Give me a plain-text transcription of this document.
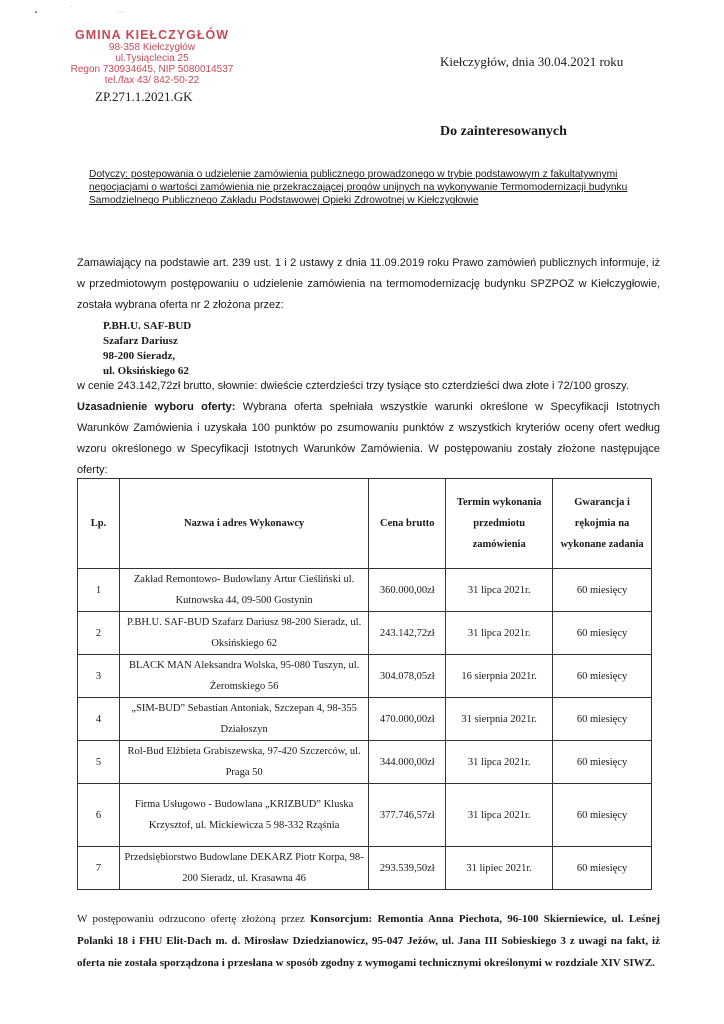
▪
·
· ·
GMINA KIEŁCZYGŁÓW
98-358 Kiełczygłów
ul.Tysiąclecia 25
Regon 730934645, NIP 5080014537
tel./fax 43/ 842-50-22
ZP.271.1.2021.GK
Kiełczygłów, dnia 30.04.2021 roku
Do zainteresowanych
Dotyczy: postępowania o udzielenie zamówienia publicznego prowadzonego w trybie podstawowym z fakultatywnymi negocjacjami o wartości zamówienia nie przekraczającej progów unijnych na wykonywanie Termomodernizacji budynku Samodzielnego Publicznego Zakładu Podstawowej Opieki Zdrowotnej w Kiełczygłowie
Zamawiający na podstawie art. 239 ust. 1 i 2 ustawy z dnia 11.09.2019 roku Prawo zamówień publicznych informuje, iż w przedmiotowym postępowaniu o udzielenie zamówienia na termomodernizację budynku SPZPOZ w Kiełczygłowie, została wybrana oferta nr 2 złożona przez:
P.BH.U. SAF-BUD
Szafarz Dariusz
98-200 Sieradz,
ul. Oksińskiego 62
w cenie 243.142,72zł brutto, słownie: dwieście czterdzieści trzy tysiące sto czterdzieści dwa złote i 72/100 groszy.
Uzasadnienie wyboru oferty: Wybrana oferta spełniała wszystkie warunki określone w Specyfikacji Istotnych Warunków Zamówienia i uzyskała 100 punktów po zsumowaniu punktów z wszystkich kryteriów oceny ofert według wzoru określonego w Specyfikacji Istotnych Warunków Zamówienia. W postępowaniu zostały złożone następujące oferty:
Lp.	Nazwa i adres Wykonawcy	Cena brutto	Termin wykonania przedmiotu zamówienia	Gwarancja i rękojmia na wykonane zadania
1	Zakład Remontowo- Budowlany Artur Cieśliński ul. Kutnowska 44, 09-500 Gostynin	360.000,00zł	31 lipca 2021r.	60 miesięcy
2	P.BH.U. SAF-BUD Szafarz Dariusz 98-200 Sieradz, ul. Oksińskiego 62	243.142,72zł	31 lipca 2021r.	60 miesięcy
3	BLACK MAN Aleksandra Wolska, 95-080 Tuszyn, ul. Żeromskiego 56	304.078,05zł	16 sierpnia 2021r.	60 miesięcy
4	„SIM-BUD” Sebastian Antoniak, Szczepan 4, 98-355 Działoszyn	470.000,00zł	31 sierpnia 2021r.	60 miesięcy
5	Rol-Bud Elżbieta Grabiszewska, 97-420 Szczerców, ul. Praga 50	344.000,00zł	31 lipca 2021r.	60 miesięcy
6	Firma Usługowo - Budowlana „KRIZBUD” Kluska Krzysztof, ul. Mickiewicza 5 98-332 Rząśnia	377.746,57zł	31 lipca 2021r.	60 miesięcy
7	Przedsiębiorstwo Budowlane DEKARZ Piotr Korpa, 98-200 Sieradz, ul. Krasawna 46	293.539,50zł	31 lipiec 2021r.	60 miesięcy
W postępowaniu odrzucono ofertę złożoną przez Konsorcjum: Remontia Anna Piechota, 96-100 Skierniewice, ul. Leśnej Polanki 18 i FHU Elit-Dach m. d. Mirosław Dziedzianowicz, 95-047 Jeżów, ul. Jana III Sobieskiego 3 z uwagi na fakt, iż oferta nie została sporządzona i przesłana w sposób zgodny z wymogami technicznymi określonymi w rozdziale XIV SIWZ.
